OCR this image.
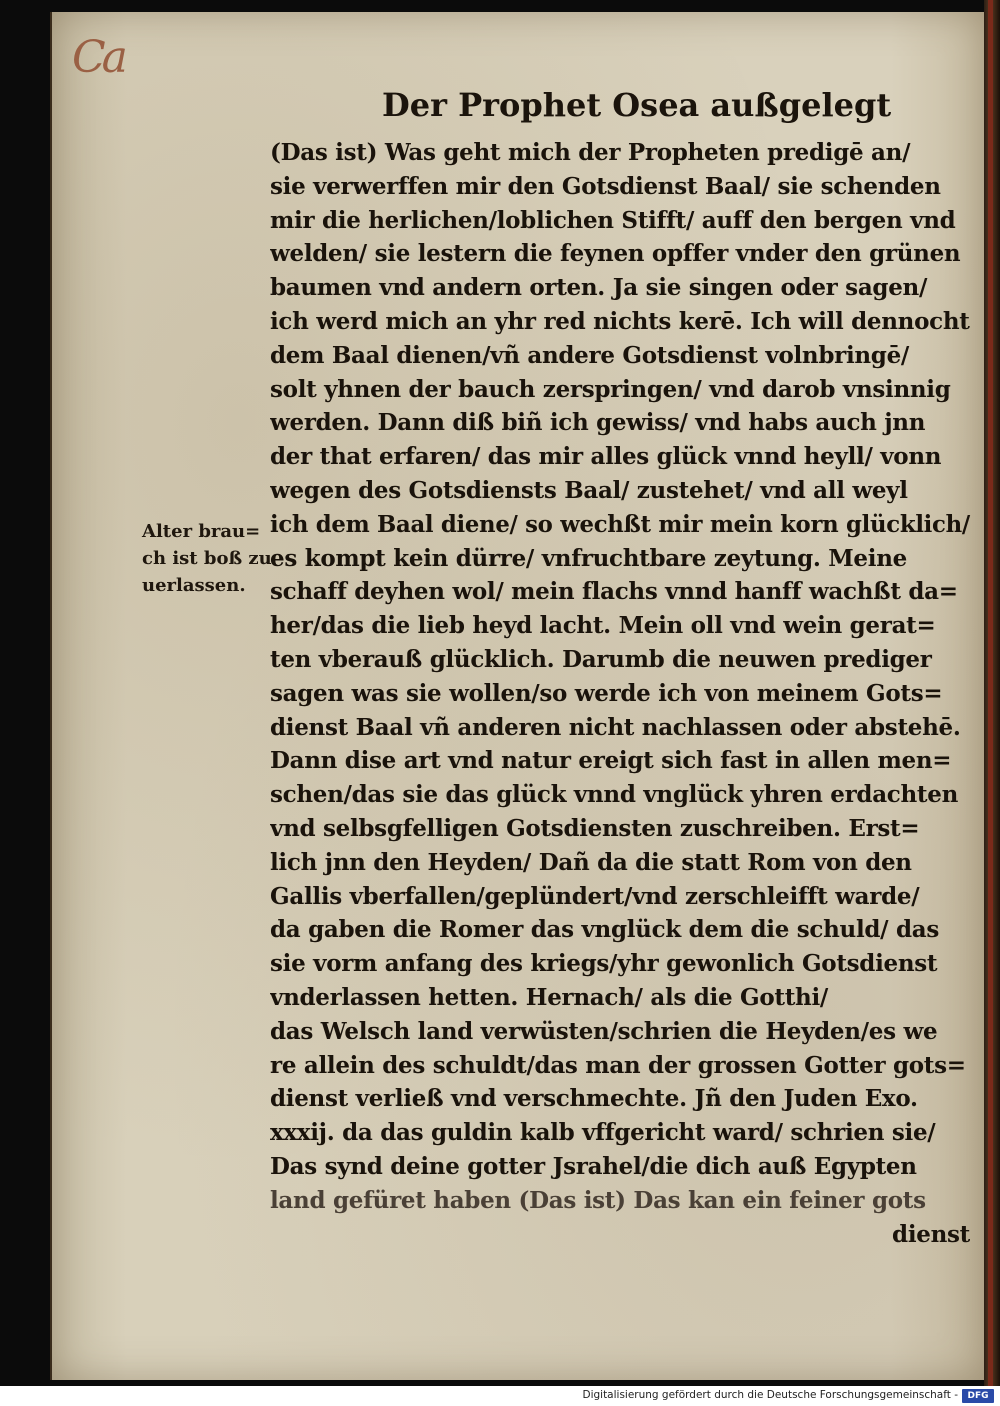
Ca
Der Prophet Osea außgelegt
Alter brau=
ch ist boß zu
uerlassen.
(Das ist) Was geht mich der Propheten predigē an/
sie verwerffen mir den Gotsdienst Baal/ sie schenden
mir die herlichen/loblichen Stifft/ auff den bergen vnd
welden/ sie lestern die feynen opffer vnder den grünen
baumen vnd andern orten. Ja sie singen oder sagen/
ich werd mich an yhr red nichts kerē. Ich will dennocht
dem Baal dienen/vñ andere Gotsdienst volnbringē/
solt yhnen der bauch zerspringen/ vnd darob vnsinnig
werden. Dann diß biñ ich gewiss/ vnd habs auch jnn
der that erfaren/ das mir alles glück vnnd heyll/ vonn
wegen des Gotsdiensts Baal/ zustehet/ vnd all weyl
ich dem Baal diene/ so wechßt mir mein korn glücklich/
es kompt kein dürre/ vnfruchtbare zeytung. Meine
schaff deyhen wol/ mein flachs vnnd hanff wachßt da=
her/das die lieb heyd lacht. Mein oll vnd wein gerat=
ten vberauß glücklich. Darumb die neuwen prediger
sagen was sie wollen/so werde ich von meinem Gots=
dienst Baal vñ anderen nicht nachlassen oder abstehē.
Dann dise art vnd natur ereigt sich fast in allen men=
schen/das sie das glück vnnd vnglück yhren erdachten
vnd selbsgfelligen Gotsdiensten zuschreiben. Erst=
lich jnn den Heyden/ Dañ da die statt Rom von den
Gallis vberfallen/geplündert/vnd zerschleifft warde/
da gaben die Romer das vnglück dem die schuld/ das
sie vorm anfang des kriegs/yhr gewonlich Gotsdienst
vnderlassen hetten. Hernach/ als die Gotthi/
das Welsch land verwüsten/schrien die Heyden/es we
re allein des schuldt/das man der grossen Gotter gots=
dienst verließ vnd verschmechte. Jñ den Juden Exo.
xxxij. da das guldin kalb vffgericht ward/ schrien sie/
Das synd deine gotter Jsrahel/die dich auß Egypten
land gefüret haben (Das ist) Das kan ein feiner gots
dienst
Digitalisierung gefördert durch die Deutsche Forschungsgemeinschaft -	DFG
